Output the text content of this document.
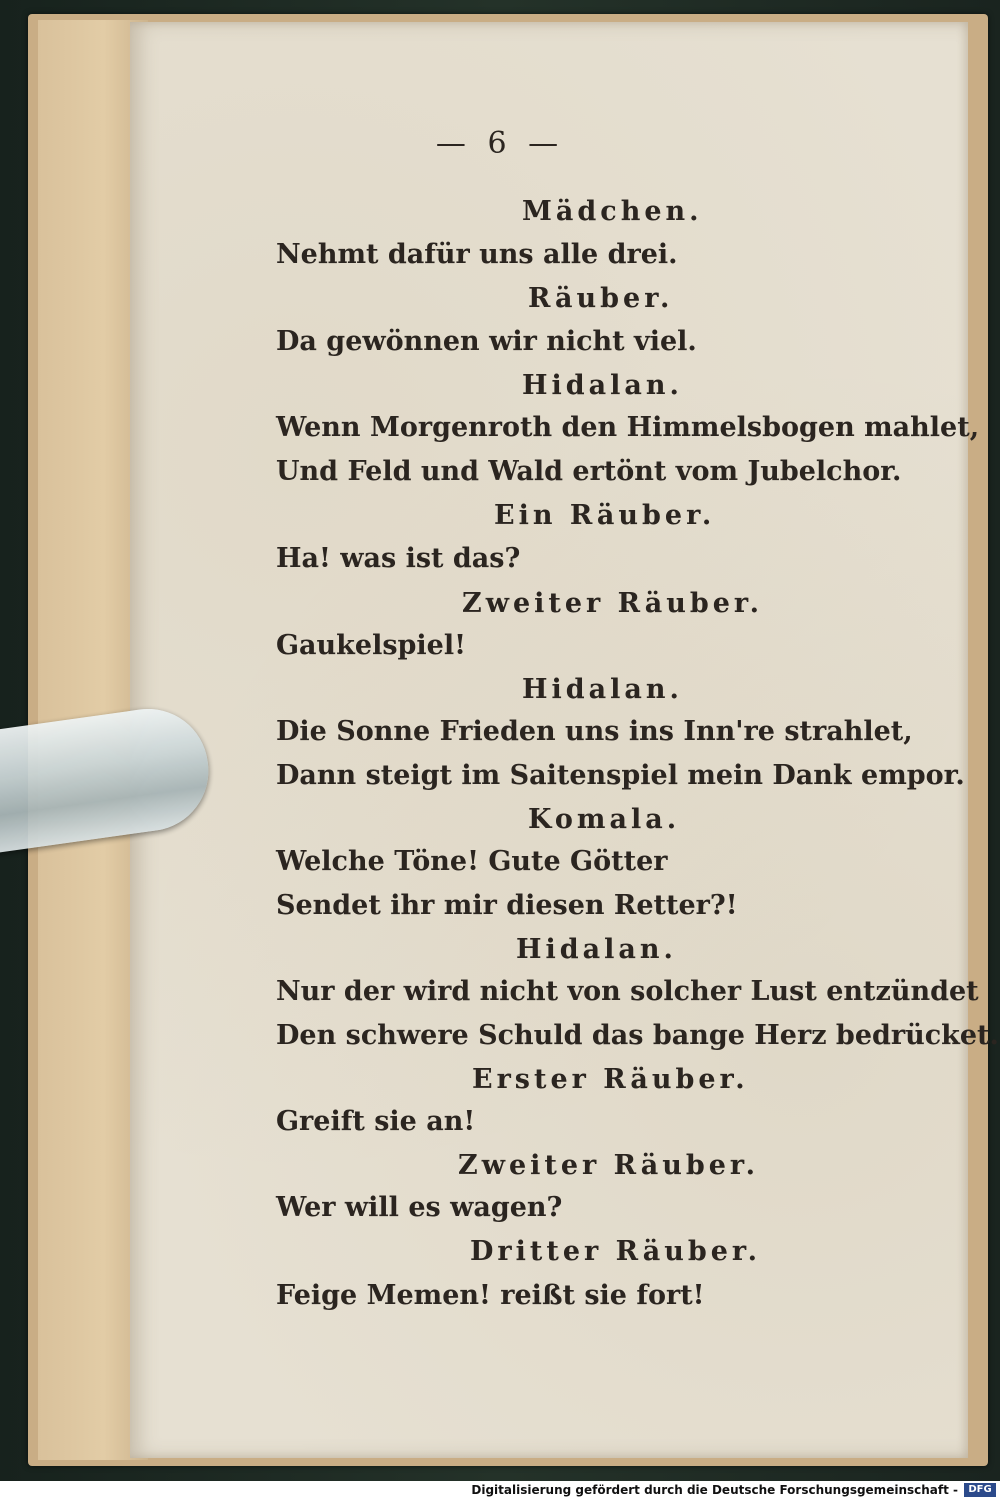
— 6 —
Mädchen.
Nehmt dafür uns alle drei.
Räuber.
Da gewönnen wir nicht viel.
Hidalan.
Wenn Morgenroth den Himmelsbogen mahlet,
Und Feld und Wald ertönt vom Jubelchor.
Ein Räuber.
Ha! was ist das?
Zweiter Räuber.
Gaukelspiel!
Hidalan.
Die Sonne Frieden uns ins Inn're strahlet,
Dann steigt im Saitenspiel mein Dank empor.
Komala.
Welche Töne! Gute Götter
Sendet ihr mir diesen Retter?!
Hidalan.
Nur der wird nicht von solcher Lust entzündet
Den schwere Schuld das bange Herz bedrücket.
Erster Räuber.
Greift sie an!
Zweiter Räuber.
Wer will es wagen?
Dritter Räuber.
Feige Memen! reißt sie fort!
Digitalisierung gefördert durch die Deutsche Forschungsgemeinschaft -	DFG
